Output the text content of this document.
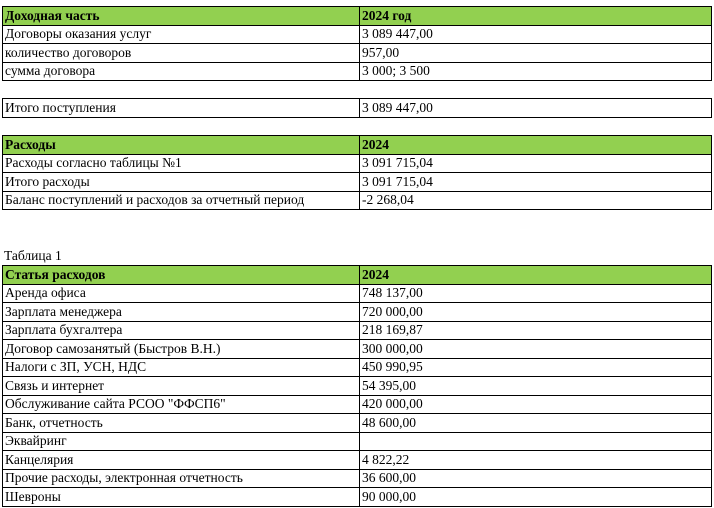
Доходная часть	2024 год
Договоры оказания услуг	3 089 447,00
количество договоров	957,00
сумма договора	3 000; 3 500
Итого поступления	3 089 447,00
Расходы	2024
Расходы согласно таблицы №1	3 091 715,04
Итого расходы	3 091 715,04
Баланс поступлений и расходов за отчетный период	-2 268,04
Таблица 1
Статья расходов	2024
Аренда офиса	748 137,00
Зарплата менеджера	720 000,00
Зарплата бухгалтера	218 169,87
Договор самозанятый (Быстров В.Н.)	300 000,00
Налоги с ЗП, УСН, НДС	450 990,95
Связь и интернет	54 395,00
Обслуживание сайта РСОО "ФФСП6"	420 000,00
Банк, отчетность	48 600,00
Эквайринг	
Канцелярия	4 822,22
Прочие расходы, электронная отчетность	36 600,00
Шевроны	90 000,00
